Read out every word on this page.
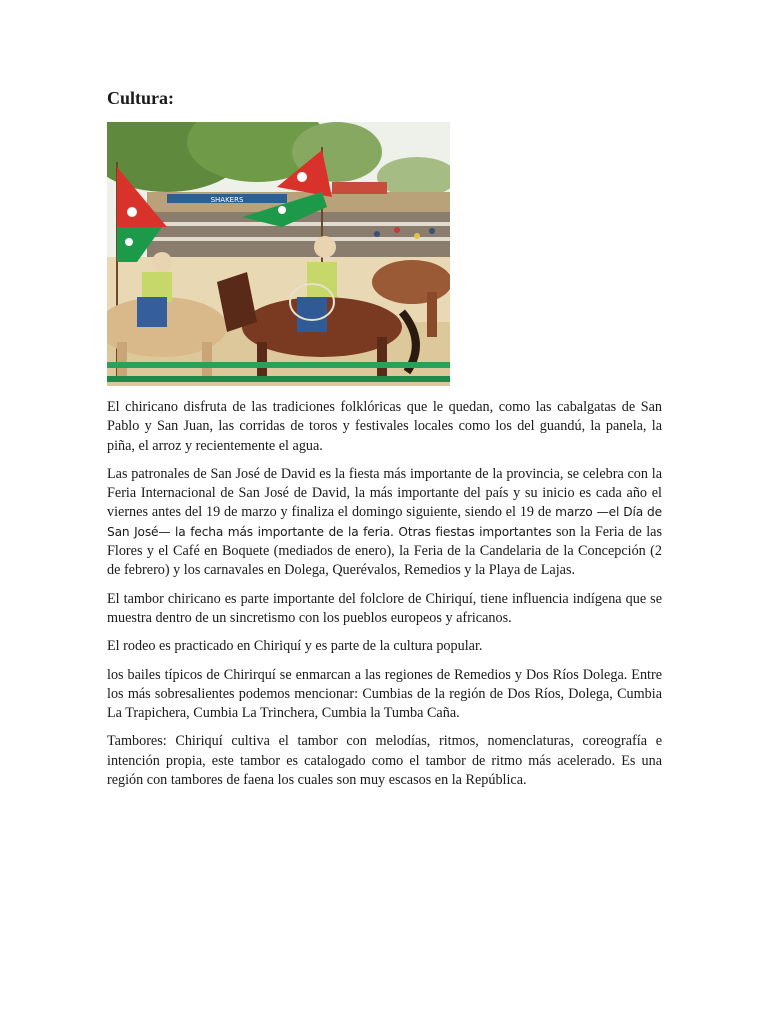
Cultura:
SHAKERS

El chiricano disfruta de las tradiciones folklóricas que le quedan, como las cabalgatas de San Pablo y San Juan, las corridas de toros y festivales locales como los del guandú, la panela, la piña, el arroz y recientemente el agua.

Las patronales de San José de David es la fiesta más importante de la provincia, se celebra con la Feria Internacional de San José de David, la más importante del país y su inicio es cada año el viernes antes del 19 de marzo y finaliza el domingo siguiente, siendo el 19 de marzo —el Día de San José— la fecha más importante de la feria. Otras fiestas importantes son la Feria de las Flores y el Café en Boquete (mediados de enero), la Feria de la Candelaria de la Concepción (2 de febrero) y los carnavales en Dolega, Querévalos, Remedios y la Playa de Lajas.

El tambor chiricano es parte importante del folclore de Chiriquí, tiene influencia indígena que se muestra dentro de un sincretismo con los pueblos europeos y africanos.

El rodeo es practicado en Chiriquí y es parte de la cultura popular.

los bailes típicos de Chirirquí se enmarcan a las regiones de Remedios y Dos Ríos Dolega. Entre los más sobresalientes podemos mencionar: Cumbias de la región de Dos Ríos, Dolega, Cumbia La Trapichera, Cumbia La Trinchera, Cumbia la Tumba Caña.

Tambores: Chiriquí cultiva el tambor con melodías, ritmos, nomenclaturas, coreografía e intención propia, este tambor es catalogado como el tambor de ritmo más acelerado. Es una región con tambores de faena los cuales son muy escasos en la República.
